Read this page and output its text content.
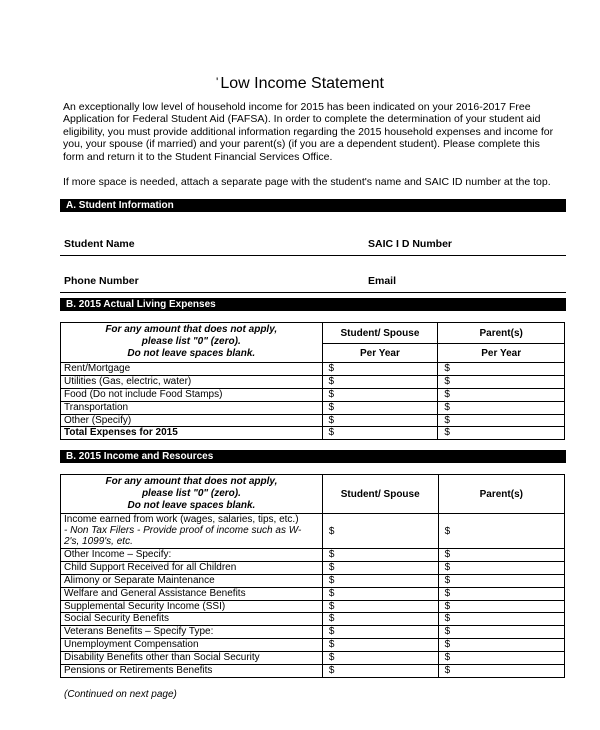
' Low Income Statement
An exceptionally low level of household income for 2015 has been indicated on your 2016-2017 Free Application for Federal Student Aid (FAFSA). In order to complete the determination of your student aid eligibility, you must provide additional information regarding the 2015 household expenses and income for you, your spouse (if married) and your parent(s) (if you are a dependent student). Please complete this form and return it to the Student Financial Services Office.
If more space is needed, attach a separate page with the student's name and SAIC ID number at the top.
A. Student Information
Student Name	SAIC I D Number
Phone Number	Email
B. 2015 Actual Living Expenses
For any amount that does not apply,
please list "0" (zero).
Do not leave spaces blank.	Student/ Spouse	Parent(s)
	Per Year	Per Year
Rent/Mortgage	$	$
Utilities (Gas, electric, water)	$	$
Food (Do not include Food Stamps)	$	$
Transportation	$	$
Other (Specify)	$	$
Total Expenses for 2015	$	$
B. 2015 Income and Resources
For any amount that does not apply,
please list "0" (zero).
Do not leave spaces blank.	Student/ Spouse	Parent(s)

Income earned from work (wages, salaries, tips, etc.)
- Non Tax Filers - Provide proof of income such as W-
2's, 1099's, etc.	$	$
Other Income – Specify:	$	$
Child Support Received for all Children	$	$
Alimony or Separate Maintenance	$	$
Welfare and General Assistance Benefits	$	$
Supplemental Security Income (SSI)	$	$
Social Security Benefits	$	$
Veterans Benefits – Specify Type:	$	$
Unemployment Compensation	$	$
Disability Benefits other than Social Security	$	$
Pensions or Retirements Benefits	$	$
(Continued on next page)
